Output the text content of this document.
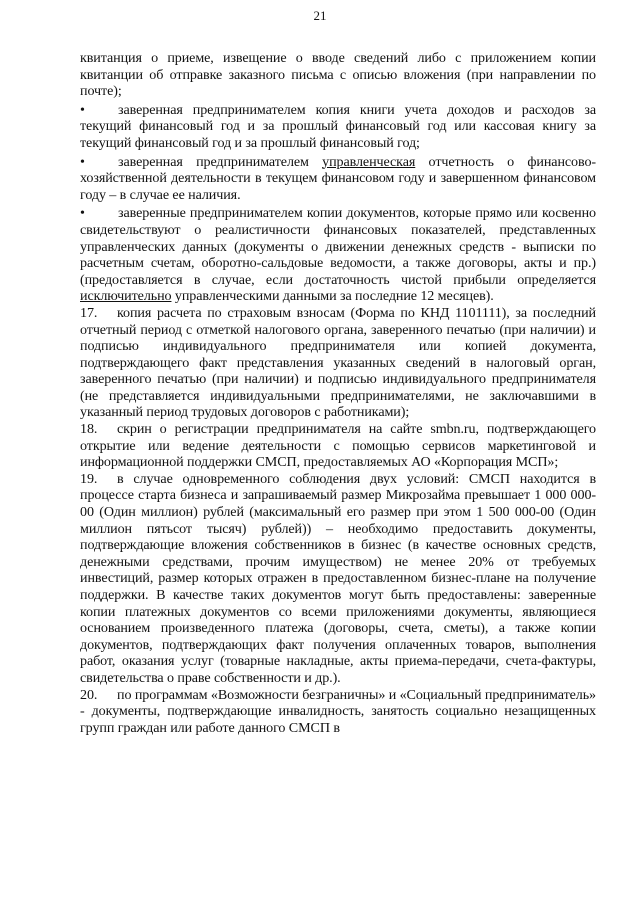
21

квитанция о приеме, извещение о вводе сведений либо с приложением копии квитанции об отправке заказного письма с описью вложения (при направлении по почте);

• заверенная предпринимателем копия книги учета доходов и расходов за текущий финансовый год и за прошлый финансовый год или кассовая книгу за текущий финансовый год и за прошлый финансовый год;

• заверенная предпринимателем управленческая отчетность о финансово-хозяйственной деятельности в текущем финансовом году и завершенном финансовом году – в случае ее наличия.

• заверенные предпринимателем копии документов, которые прямо или косвенно свидетельствуют о реалистичности финансовых показателей, представленных управленческих данных (документы о движении денежных средств - выписки по расчетным счетам, оборотно-сальдовые ведомости, а также договоры, акты и пр.) (предоставляется в случае, если достаточность чистой прибыли определяется исключительно управленческими данными за последние 12 месяцев).

17. копия расчета по страховым взносам (Форма по КНД 1101111), за последний отчетный период с отметкой налогового органа, заверенного печатью (при наличии) и подписью индивидуального предпринимателя или копией документа, подтверждающего факт представления указанных сведений в налоговый орган, заверенного печатью (при наличии) и подписью индивидуального предпринимателя (не представляется индивидуальными предпринимателями, не заключавшими в указанный период трудовых договоров с работниками);

18. скрин о регистрации предпринимателя на сайте smbn.ru, подтверждающего открытие или ведение деятельности с помощью сервисов маркетинговой и информационной поддержки СМСП, предоставляемых АО «Корпорация МСП»;

19. в случае одновременного соблюдения двух условий: СМСП находится в процессе старта бизнеса и запрашиваемый размер Микрозайма превышает 1 000 000-00 (Один миллион) рублей (максимальный его размер при этом 1 500 000-00 (Один миллион пятьсот тысяч) рублей)) – необходимо предоставить документы, подтверждающие вложения собственников в бизнес (в качестве основных средств, денежными средствами, прочим имуществом) не менее 20% от требуемых инвестиций, размер которых отражен в предоставленном бизнес-плане на получение поддержки. В качестве таких документов могут быть предоставлены: заверенные копии платежных документов со всеми приложениями документы, являющиеся основанием произведенного платежа (договоры, счета, сметы), а также копии документов, подтверждающих факт получения оплаченных товаров, выполнения работ, оказания услуг (товарные накладные, акты приема-передачи, счета-фактуры, свидетельства о праве собственности и др.).

20. по программам «Возможности безграничны» и «Социальный предприниматель» - документы, подтверждающие инвалидность, занятость социально незащищенных групп граждан или работе данного СМСП в
